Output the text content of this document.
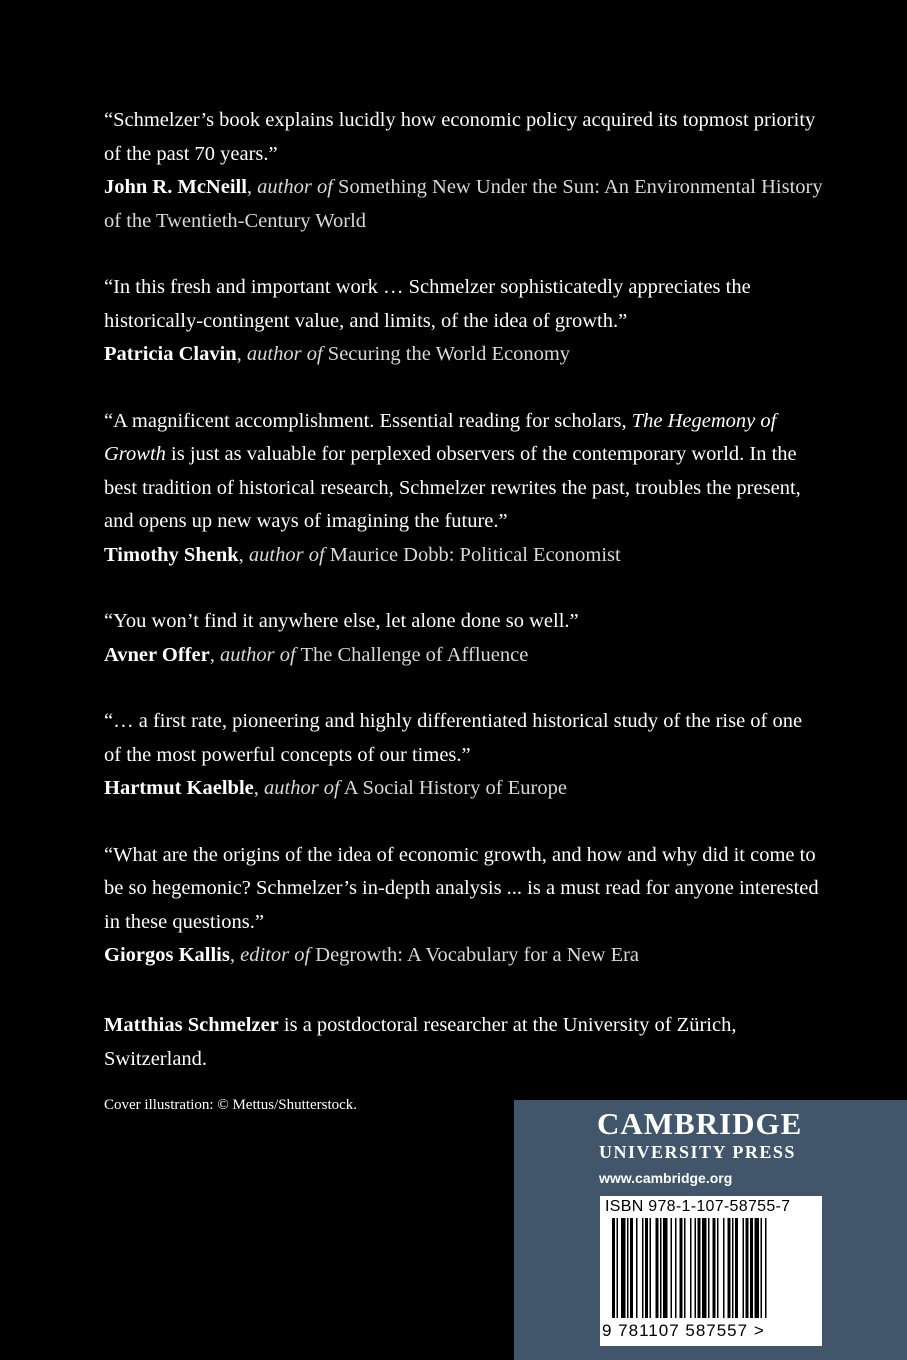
“Schmelzer’s book explains lucidly how economic policy acquired its topmost priority of the past 70 years.”
John R. McNeill, author of Something New Under the Sun: An Environmental History of the Twentieth-Century World
“In this fresh and important work … Schmelzer sophisticatedly appreciates the historically-contingent value, and limits, of the idea of growth.”
Patricia Clavin, author of Securing the World Economy
“A magnificent accomplishment. Essential reading for scholars, The Hegemony of Growth is just as valuable for perplexed observers of the contemporary world. In the best tradition of historical research, Schmelzer rewrites the past, troubles the present, and opens up new ways of imagining the future.”
Timothy Shenk, author of Maurice Dobb: Political Economist
“You won’t find it anywhere else, let alone done so well.”
Avner Offer, author of The Challenge of Affluence
“… a first rate, pioneering and highly differentiated historical study of the rise of one of the most powerful concepts of our times.”
Hartmut Kaelble, author of A Social History of Europe
“What are the origins of the idea of economic growth, and how and why did it come to be so hegemonic? Schmelzer’s in-depth analysis ... is a must read for anyone interested in these questions.”
Giorgos Kallis, editor of Degrowth: A Vocabulary for a New Era
Matthias Schmelzer is a postdoctoral researcher at the University of Zürich, Switzerland.
Cover illustration: © Mettus/Shutterstock.
CAMBRIDGE
UNIVERSITY PRESS
www.cambridge.org
ISBN 978-1-107-58755-7
9 781107 587557 >
